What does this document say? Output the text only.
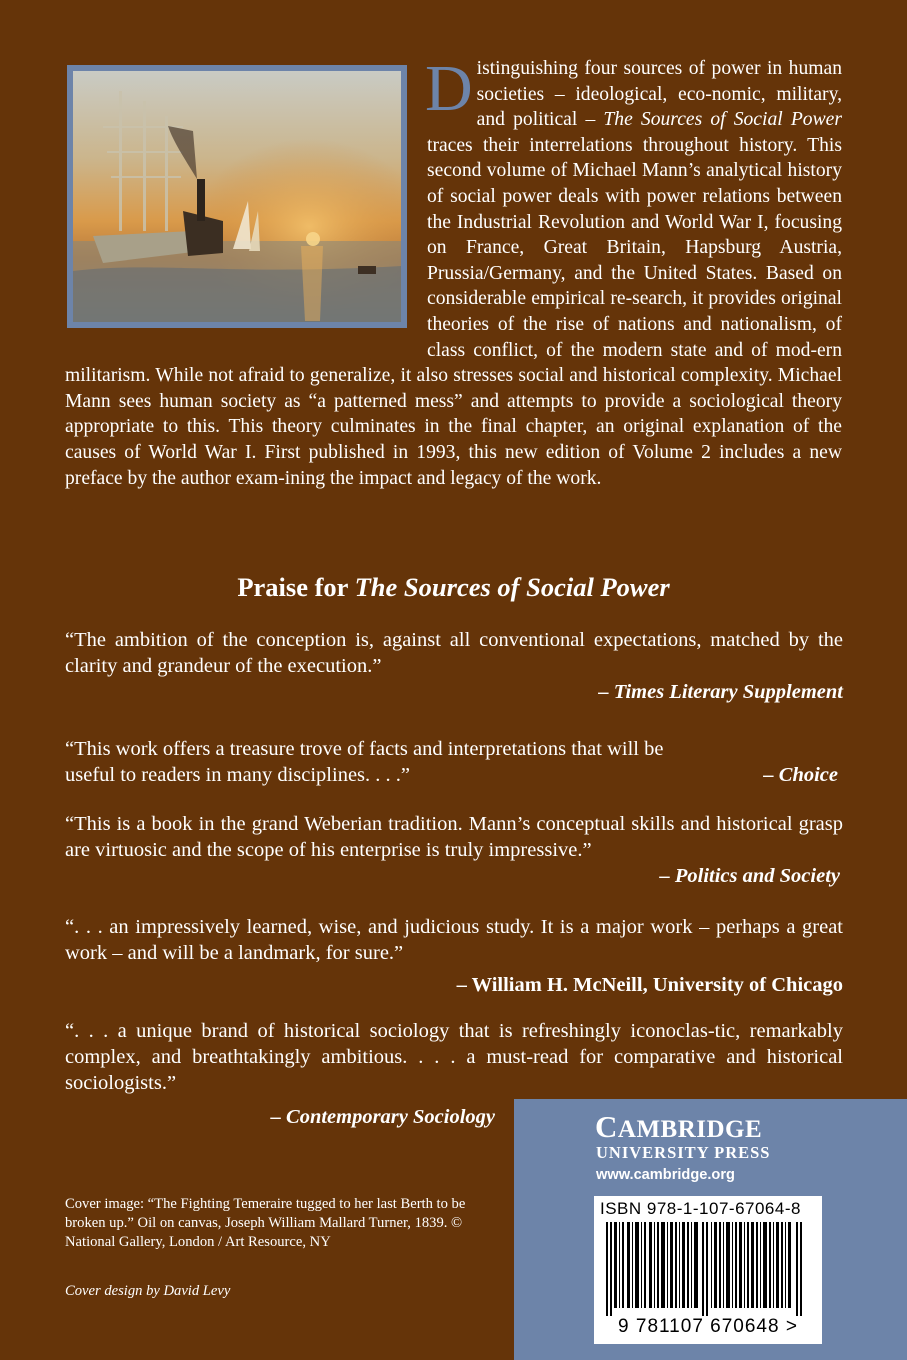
Distinguishing four sources of power in human societies – ideological, eco-nomic, military, and political – The Sources of Social Power traces their interrelations throughout history. This second volume of Michael Mann’s analytical history of social power deals with power relations between the Industrial Revolution and World War I, focusing on France, Great Britain, Hapsburg Austria, Prussia/Germany, and the United States. Based on considerable empirical re-search, it provides original theories of the rise of nations and nationalism, of class conflict, of the modern state and of mod-ern militarism. While not afraid to generalize, it also stresses social and historical complexity. Michael Mann sees human society as “a patterned mess” and attempts to provide a sociological theory appropriate to this. This theory culminates in the final chapter, an original explanation of the causes of World War I. First published in 1993, this new edition of Volume 2 includes a new preface by the author exam-ining the impact and legacy of the work.
Praise for The Sources of Social Power
“The ambition of the conception is, against all conventional expectations, matched by the clarity and grandeur of the execution.”
– Times Literary Supplement
“This work offers a treasure trove of facts and interpretations that will be useful to readers in many disciplines. . . .”	– Choice
“This is a book in the grand Weberian tradition. Mann’s conceptual skills and historical grasp are virtuosic and the scope of his enterprise is truly impressive.”
– Politics and Society
“. . . an impressively learned, wise, and judicious study. It is a major work – perhaps a great work – and will be a landmark, for sure.”
– William H. McNeill, University of Chicago
“. . . a unique brand of historical sociology that is refreshingly iconoclas-tic, remarkably complex, and breathtakingly ambitious. . . . a must-read for comparative and historical sociologists.”
– Contemporary Sociology
Cover image: “The Fighting Temeraire tugged to her last Berth to be broken up.” Oil on canvas, Joseph William Mallard Turner, 1839. © National Gallery, London / Art Resource, NY
Cover design by David Levy
CAMBRIDGE
UNIVERSITY PRESS
www.cambridge.org
ISBN 978-1-107-67064-8
9 781107 670648 >
